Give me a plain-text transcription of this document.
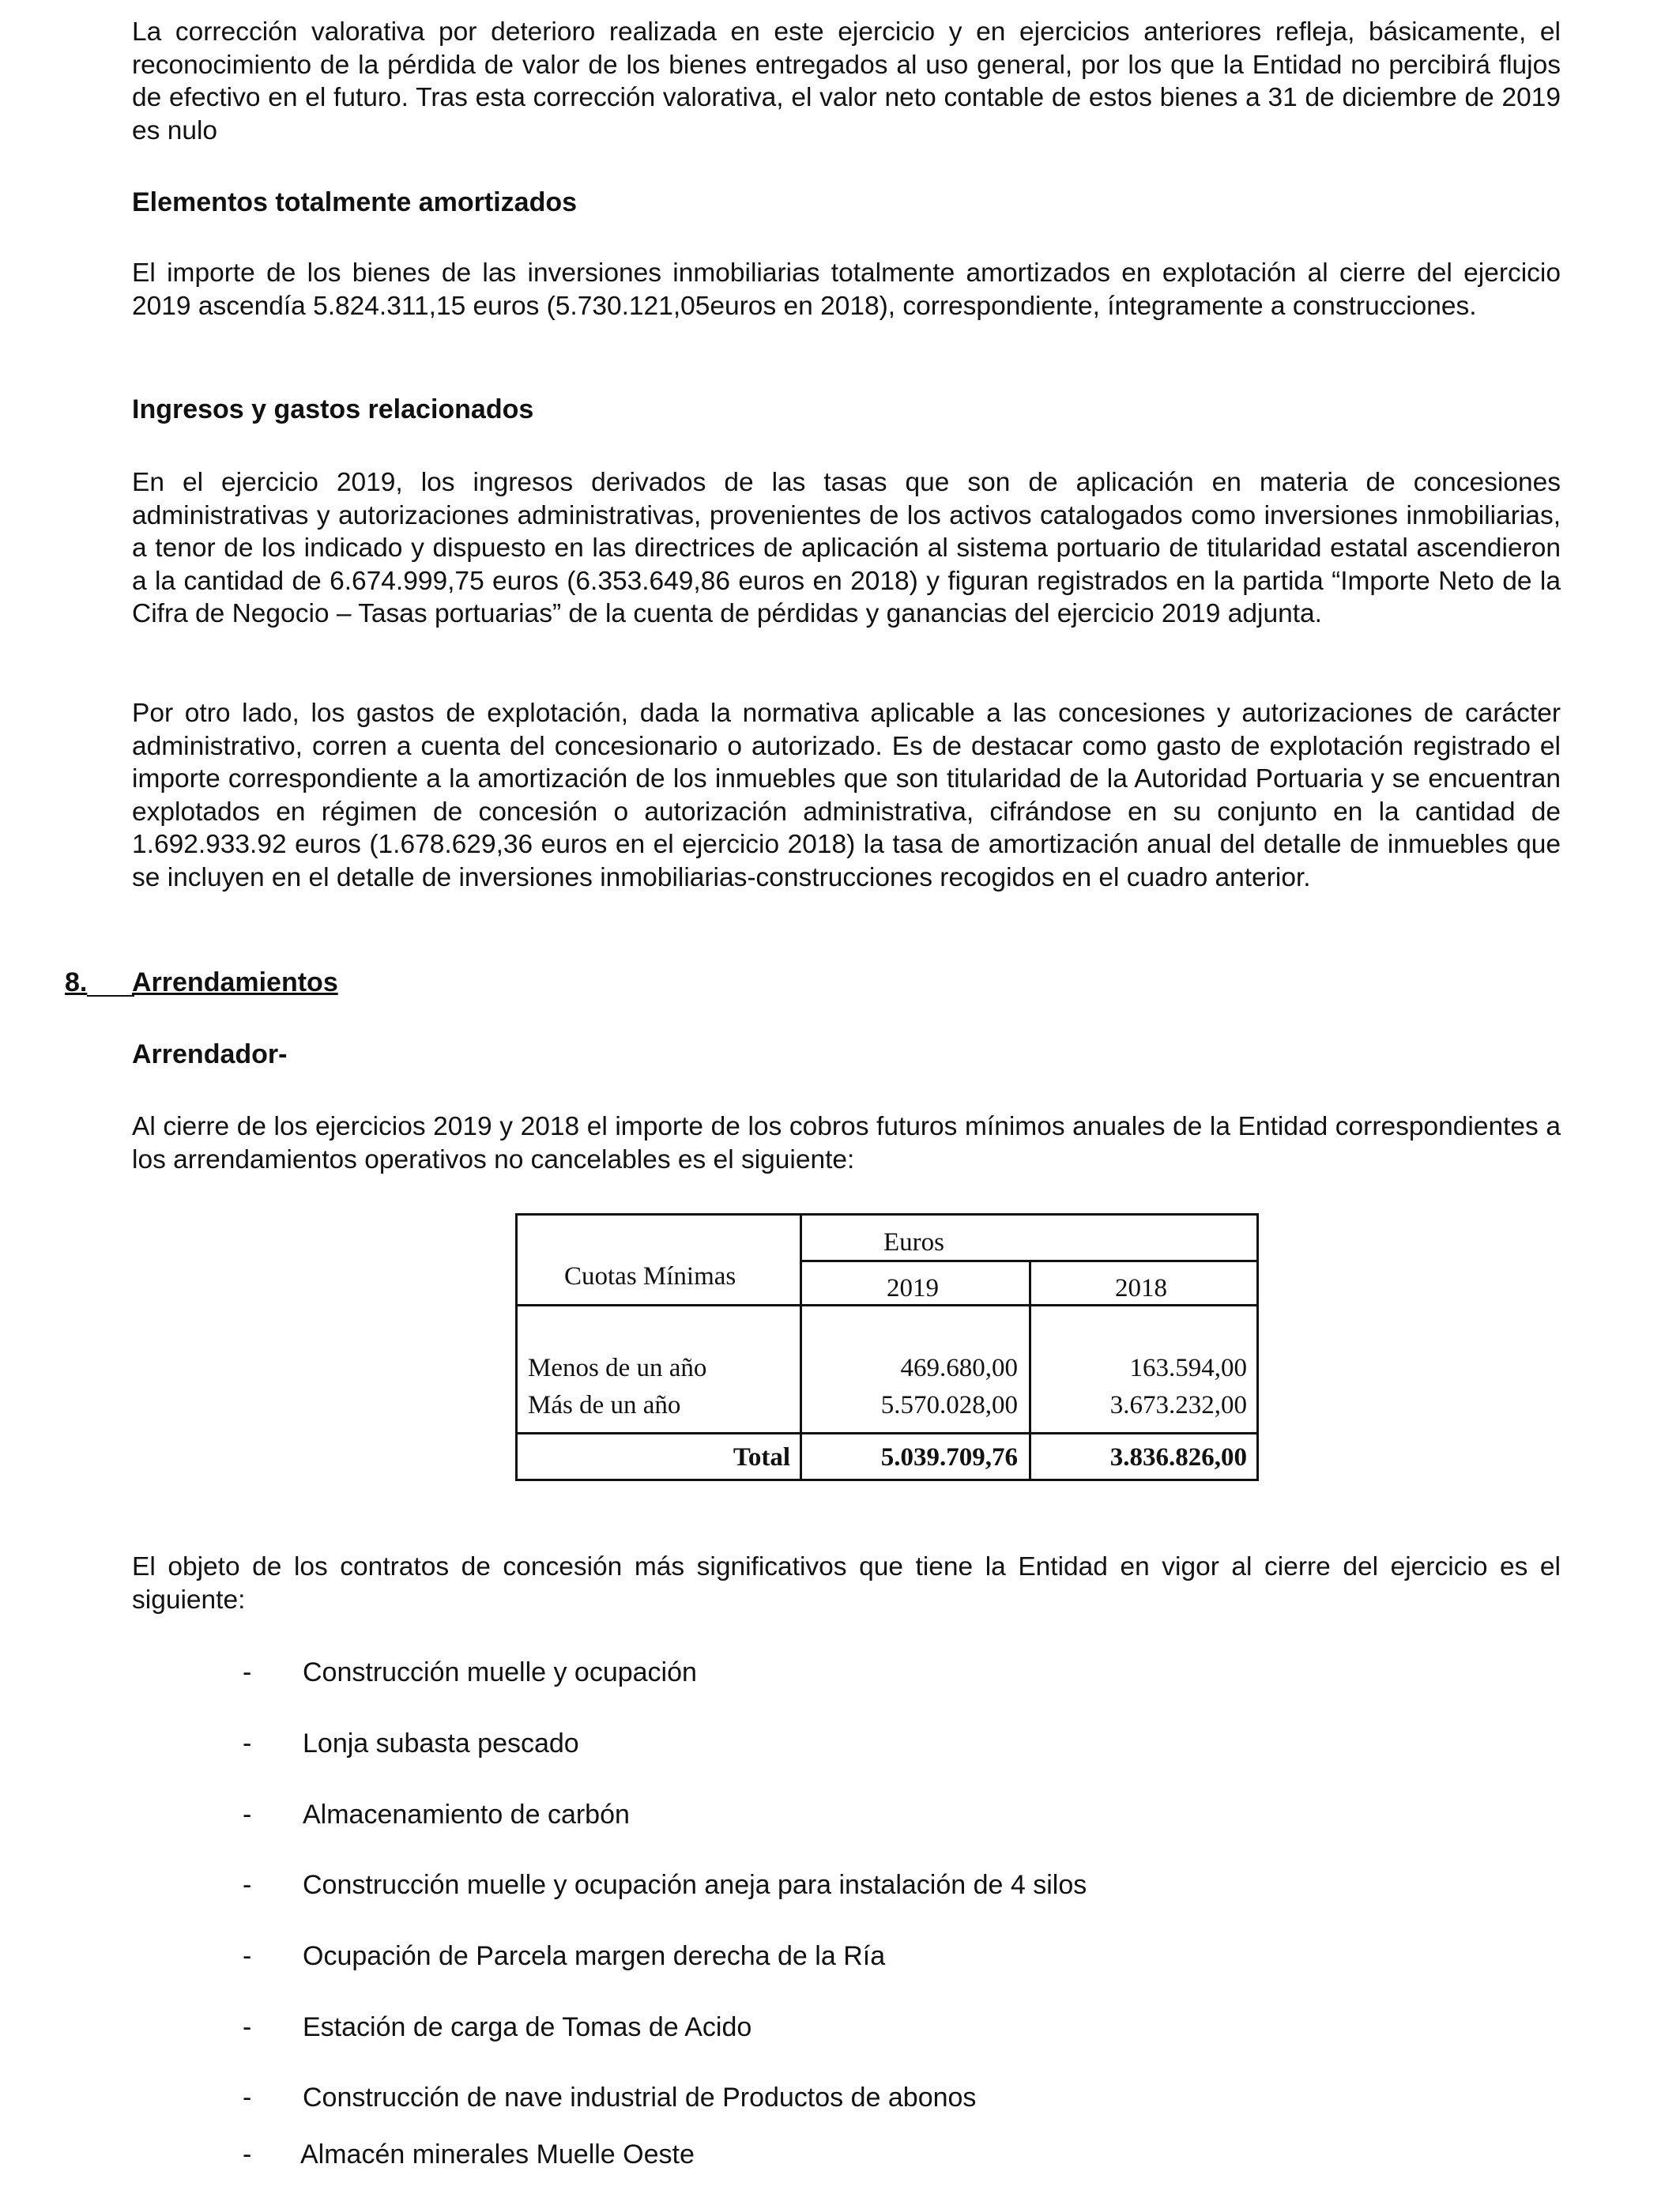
La corrección valorativa por deterioro realizada en este ejercicio y en ejercicios anteriores refleja, básicamente, el reconocimiento de la pérdida de valor de los bienes entregados al uso general, por los que la Entidad no percibirá flujos de efectivo en el futuro. Tras esta corrección valorativa, el valor neto contable de estos bienes a 31 de diciembre de 2019 es nulo

Elementos totalmente amortizados

El importe de los bienes de las inversiones inmobiliarias totalmente amortizados en explotación al cierre del ejercicio 2019 ascendía 5.824.311,15 euros (5.730.121,05euros en 2018), correspondiente, íntegramente a construcciones.

Ingresos y gastos relacionados

En el ejercicio 2019, los ingresos derivados de las tasas que son de aplicación en materia de concesiones administrativas y autorizaciones administrativas, provenientes de los activos catalogados como inversiones inmobiliarias, a tenor de los indicado y dispuesto en las directrices de aplicación al sistema portuario de titularidad estatal ascendieron a la cantidad de 6.674.999,75 euros (6.353.649,86 euros en 2018) y figuran registrados en la partida “Importe Neto de la Cifra de Negocio – Tasas portuarias” de la cuenta de pérdidas y ganancias del ejercicio 2019 adjunta.

Por otro lado, los gastos de explotación, dada la normativa aplicable a las concesiones y autorizaciones de carácter administrativo, corren a cuenta del concesionario o autorizado. Es de destacar como gasto de explotación registrado el importe correspondiente a la amortización de los inmuebles que son titularidad de la Autoridad Portuaria y se encuentran explotados en régimen de concesión o autorización administrativa, cifrándose en su conjunto en la cantidad de 1.692.933.92 euros (1.678.629,36 euros en el ejercicio 2018) la tasa de amortización anual del detalle de inmuebles que se incluyen en el detalle de inversiones inmobiliarias-construcciones recogidos en el cuadro anterior.

8. Arrendamientos

Arrendador-

Al cierre de los ejercicios 2019 y 2018 el importe de los cobros futuros mínimos anuales de la Entidad correspondientes a los arrendamientos operativos no cancelables es el siguiente:

Cuotas Mínimas
Euros
2019	2018
Menos de un año	469.680,00	163.594,00
Más de un año	5.570.028,00	3.673.232,00
Total	5.039.709,76	3.836.826,00

El objeto de los contratos de concesión más significativos que tiene la Entidad en vigor al cierre del ejercicio es el siguiente:

- Construcción muelle y ocupación
- Lonja subasta pescado
- Almacenamiento de carbón
- Construcción muelle y ocupación aneja para instalación de 4 silos
- Ocupación de Parcela margen derecha de la Ría
- Estación de carga de Tomas de Acido
- Construcción de nave industrial de Productos de abonos
- Almacén minerales Muelle Oeste
